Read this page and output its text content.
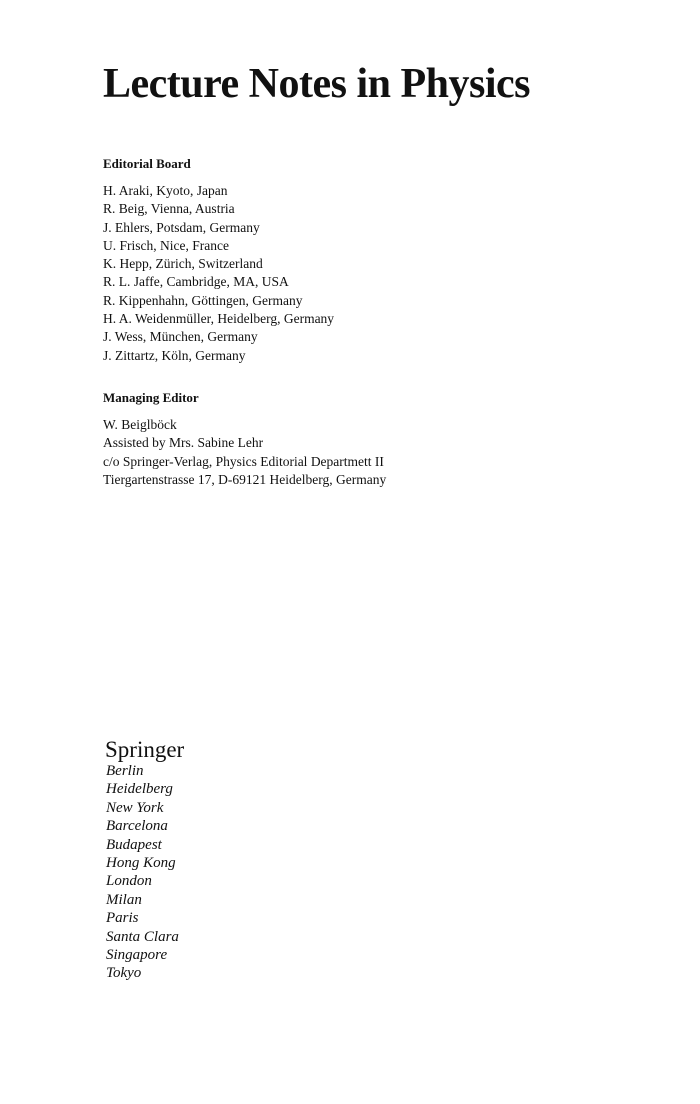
Lecture Notes in Physics
Editorial Board
H. Araki, Kyoto, Japan
R. Beig, Vienna, Austria
J. Ehlers, Potsdam, Germany
U. Frisch, Nice, France
K. Hepp, Zürich, Switzerland
R. L. Jaffe, Cambridge, MA, USA
R. Kippenhahn, Göttingen, Germany
H. A. Weidenmüller, Heidelberg, Germany
J. Wess, München, Germany
J. Zittartz, Köln, Germany
Managing Editor
W. Beiglböck
Assisted by Mrs. Sabine Lehr
c/o Springer-Verlag, Physics Editorial Departmett II
Tiergartenstrasse 17, D-69121 Heidelberg, Germany
Springer
Berlin
Heidelberg
New York
Barcelona
Budapest
Hong Kong
London
Milan
Paris
Santa Clara
Singapore
Tokyo
